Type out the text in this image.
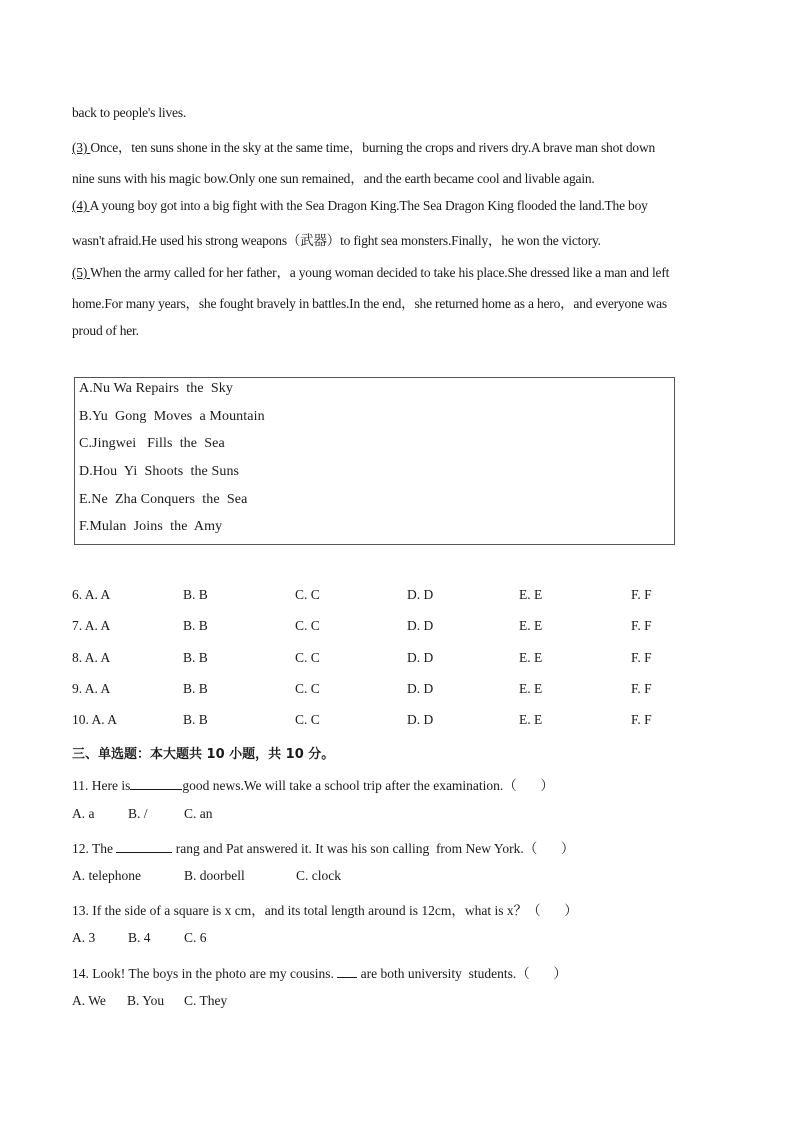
back to people's lives.
(3) Once，ten suns shone in the sky at the same time，burning the crops and rivers dry.A brave man shot down
nine suns with his magic bow.Only one sun remained，and the earth became cool and livable again.
(4) A young boy got into a big fight with the Sea Dragon King.The Sea Dragon King flooded the land.The boy
wasn't afraid.He used his strong weapons（武器）to fight sea monsters.Finally，he won the victory.
(5) When the army called for her father，a young woman decided to take his place.She dressed like a man and left
home.For many years，she fought bravely in battles.In the end，she returned home as a hero，and everyone was
proud of her.
A.Nu Wa Repairs  the  Sky
B.Yu  Gong  Moves  a Mountain
C.Jingwei   Fills  the  Sea
D.Hou  Yi  Shoots  the Suns
E.Ne  Zha Conquers  the  Sea
F.Mulan  Joins  the  Amy
6. A. A	B. B	C. C	D. D	E. E	F. F
7. A. A	B. B	C. C	D. D	E. E	F. F
8. A. A	B. B	C. C	D. D	E. E	F. F
9. A. A	B. B	C. C	D. D	E. E	F. F
10. A. A	B. B	C. C	D. D	E. E	F. F
三、单选题：本大题共 10 小题，共 10 分。
11. Here is	good news.We will take a school trip after the examination.（       ）
A. a B. /	C. an
12. The	rang and Pat answered it. It was his son calling  from New York.（       ）
A. telephone	B. doorbell	C. clock
13. If the side of a square is x cm，and its total length around is 12cm，what is x？（       ）
A. 3 B. 4 C. 6
14. Look! The boys in the photo are my cousins.  are both university  students.（       ）
A. We B. You C. They
